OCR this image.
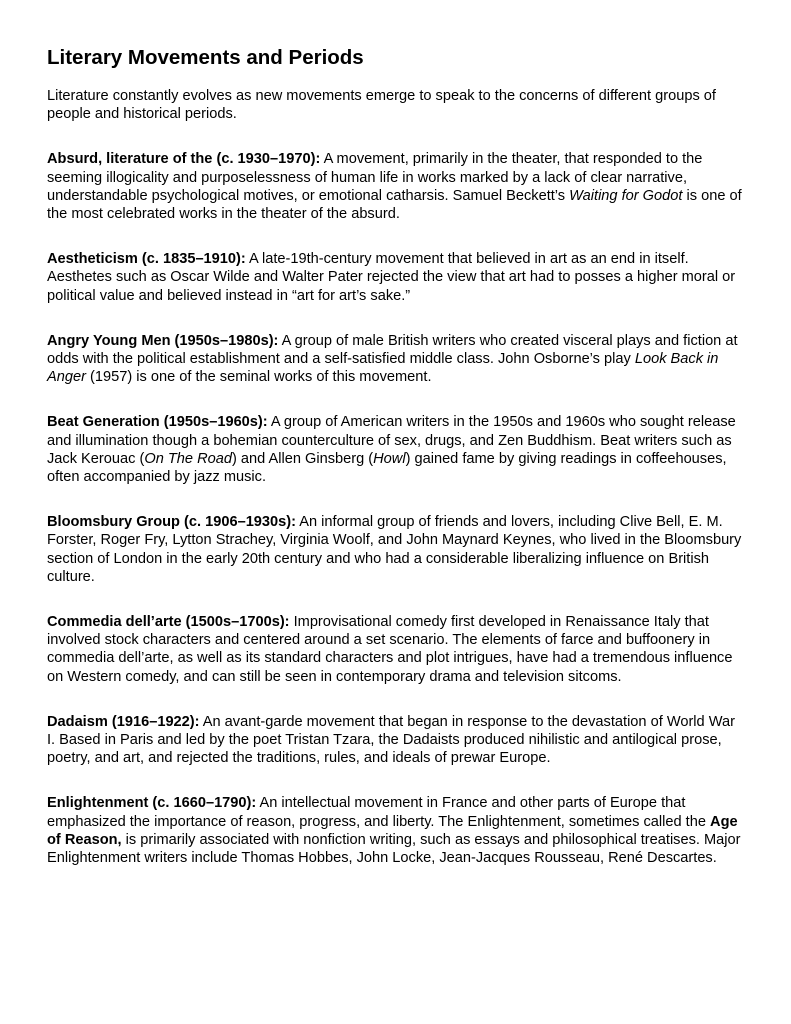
Literary Movements and Periods

Literature constantly evolves as new movements emerge to speak to the concerns of different groups of people and historical periods.

Absurd, literature of the (c. 1930–1970): A movement, primarily in the theater, that responded to the seeming illogicality and purposelessness of human life in works marked by a lack of clear narrative, understandable psychological motives, or emotional catharsis. Samuel Beckett’s Waiting for Godot is one of the most celebrated works in the theater of the absurd.

Aestheticism (c. 1835–1910): A late-19th-century movement that believed in art as an end in itself. Aesthetes such as Oscar Wilde and Walter Pater rejected the view that art had to posses a higher moral or political value and believed instead in “art for art’s sake.”

Angry Young Men (1950s–1980s): A group of male British writers who created visceral plays and fiction at odds with the political establishment and a self-satisfied middle class. John Osborne’s play Look Back in Anger (1957) is one of the seminal works of this movement.

Beat Generation (1950s–1960s): A group of American writers in the 1950s and 1960s who sought release and illumination though a bohemian counterculture of sex, drugs, and Zen Buddhism. Beat writers such as Jack Kerouac (On The Road) and Allen Ginsberg (Howl) gained fame by giving readings in coffeehouses, often accompanied by jazz music.

Bloomsbury Group (c. 1906–1930s): An informal group of friends and lovers, including Clive Bell, E. M. Forster, Roger Fry, Lytton Strachey, Virginia Woolf, and John Maynard Keynes, who lived in the Bloomsbury section of London in the early 20th century and who had a considerable liberalizing influence on British culture.

Commedia dell’arte (1500s–1700s): Improvisational comedy first developed in Renaissance Italy that involved stock characters and centered around a set scenario. The elements of farce and buffoonery in commedia dell’arte, as well as its standard characters and plot intrigues, have had a tremendous influence on Western comedy, and can still be seen in contemporary drama and television sitcoms.

Dadaism (1916–1922): An avant-garde movement that began in response to the devastation of World War I. Based in Paris and led by the poet Tristan Tzara, the Dadaists produced nihilistic and antilogical prose, poetry, and art, and rejected the traditions, rules, and ideals of prewar Europe.

Enlightenment (c. 1660–1790): An intellectual movement in France and other parts of Europe that emphasized the importance of reason, progress, and liberty. The Enlightenment, sometimes called the Age of Reason, is primarily associated with nonfiction writing, such as essays and philosophical treatises. Major Enlightenment writers include Thomas Hobbes, John Locke, Jean-Jacques Rousseau, René Descartes.
